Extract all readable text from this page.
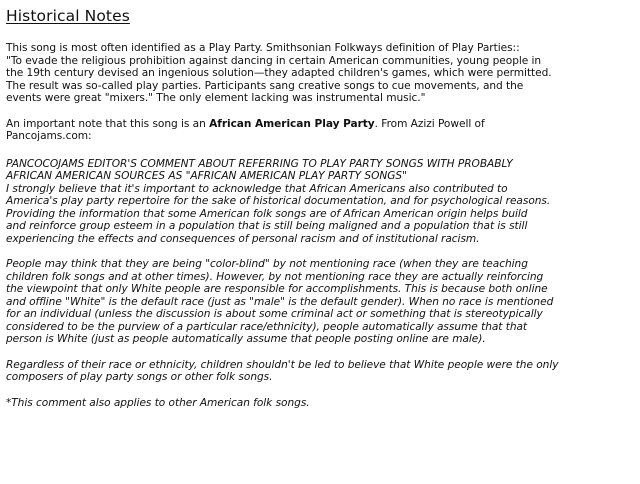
Historical Notes
This song is most often identified as a Play Party. Smithsonian Folkways definition of Play Parties::
"To evade the religious prohibition against dancing in certain American communities, young people in
the 19th century devised an ingenious solution—they adapted children's games, which were permitted.
The result was so-called play parties. Participants sang creative songs to cue movements, and the
events were great "mixers." The only element lacking was instrumental music."
An important note that this song is an African American Play Party. From Azizi Powell of
Pancojams.com:
PANCOCOJAMS EDITOR'S COMMENT ABOUT REFERRING TO PLAY PARTY SONGS WITH PROBABLY
AFRICAN AMERICAN SOURCES AS "AFRICAN AMERICAN PLAY PARTY SONGS"
I strongly believe that it's important to acknowledge that African Americans also contributed to
America's play party repertoire for the sake of historical documentation, and for psychological reasons.
Providing the information that some American folk songs are of African American origin helps build
and reinforce group esteem in a population that is still being maligned and a population that is still
experiencing the effects and consequences of personal racism and of institutional racism.
People may think that they are being "color-blind" by not mentioning race (when they are teaching
children folk songs and at other times). However, by not mentioning race they are actually reinforcing
the viewpoint that only White people are responsible for accomplishments. This is because both online
and offline "White" is the default race (just as "male" is the default gender). When no race is mentioned
for an individual (unless the discussion is about some criminal act or something that is stereotypically
considered to be the purview of a particular race/ethnicity), people automatically assume that that
person is White (just as people automatically assume that people posting online are male).
Regardless of their race or ethnicity, children shouldn't be led to believe that White people were the only
composers of play party songs or other folk songs.
*This comment also applies to other American folk songs.
